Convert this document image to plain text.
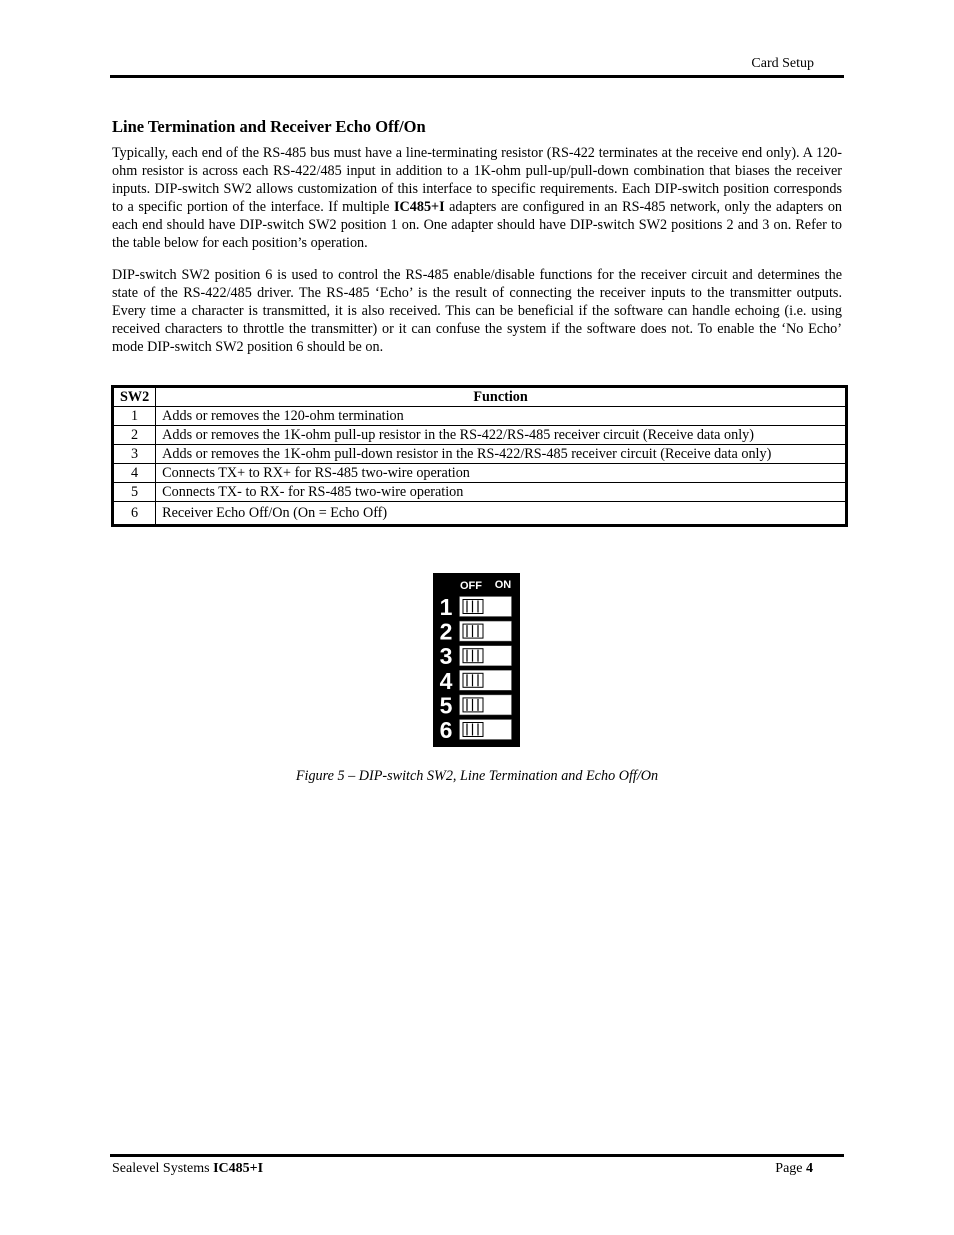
Card Setup
Line Termination and Receiver Echo Off/On

Typically, each end of the RS-485 bus must have a line-terminating resistor (RS-422 terminates at the receive end only). A 120-ohm resistor is across each RS-422/485 input in addition to a 1K-ohm pull-up/pull-down combination that biases the receiver inputs. DIP-switch SW2 allows customization of this interface to specific requirements. Each DIP-switch position corresponds to a specific portion of the interface. If multiple IC485+I adapters are configured in an RS-485 network, only the adapters on each end should have DIP-switch SW2 position 1 on. One adapter should have DIP-switch SW2 positions 2 and 3 on. Refer to the table below for each position’s operation.

DIP-switch SW2 position 6 is used to control the RS-485 enable/disable functions for the receiver circuit and determines the state of the RS-422/485 driver. The RS-485 ‘Echo’ is the result of connecting the receiver inputs to the transmitter outputs. Every time a character is transmitted, it is also received. This can be beneficial if the software can handle echoing (i.e. using received characters to throttle the transmitter) or it can confuse the system if the software does not. To enable the ‘No Echo’ mode DIP-switch SW2 position 6 should be on.

SW2	Function
1	Adds or removes the 120-ohm termination
2	Adds or removes the 1K-ohm pull-up resistor in the RS-422/RS-485 receiver circuit (Receive data only)
3	Adds or removes the 1K-ohm pull-down resistor in the RS-422/RS-485 receiver circuit (Receive data only)
4	Connects TX+ to RX+ for RS-485 two-wire operation
5	Connects TX- to RX- for RS-485 two-wire operation
6	Receiver Echo Off/On (On = Echo Off)
OFF ON
1
2
3
4
5
6
Figure 5 – DIP-switch SW2, Line Termination and Echo Off/On
Sealevel Systems IC485+I	Page 4
